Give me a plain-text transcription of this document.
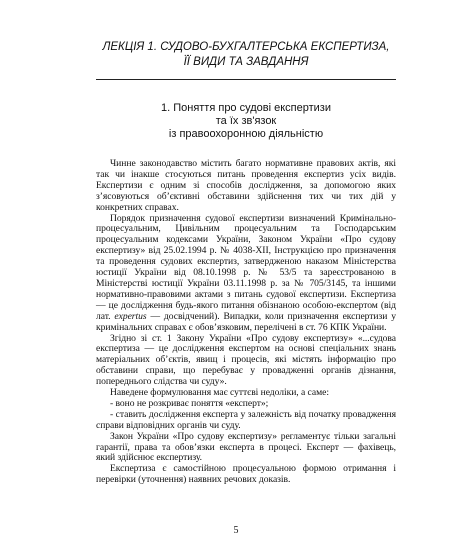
ЛЕКЦІЯ 1. СУДОВО-БУХГАЛТЕРСЬКА ЕКСПЕРТИЗА,
ЇЇ ВИДИ ТА ЗАВДАННЯ
1. Поняття про судові експертизи
та їх зв'язок
із правоохоронною діяльністю

Чинне законодавство містить багато нормативне правових актів, які так чи інакше стосуються питань проведення експертиз усіх видів. Експертизи є одним зі способів дослідження, за допомогою яких з’ясовуються об’єктивні обставини здійснення тих чи тих дій у конкретних справах.

Порядок призначення судової експертизи визначений Кримінально-процесуальним, Цивільним процесуальним та Господарським процесуальним кодексами України, Законом України «Про судову експертизу» від 25.02.1994 р. № 4038-XII, Інструкцією про призначення та проведення судових експертиз, затвердженою наказом Міністерства юстиції України від 08.10.1998 р. № 53/5 та зареєстрованою в Міністерстві юстиції України 03.11.1998 р. за № 705/3145, та іншими нормативно-правовими актами з питань судової експертизи. Експертиза — це дослідження будь-якого питання обізнаною особою-експертом (від лат. expertus — досвідчений). Випадки, коли призначення експертизи у кримінальних справах є обов’язковим, перелічені в ст. 76 КПК України.

Згідно зі ст. 1 Закону України «Про судову експертизу» «...судова експертиза — це дослідження експертом на основі спеціальних знань матеріальних об’єктів, явищ і процесів, які містять інформацію про обставини справи, що перебуває у провадженні органів дізнання, попереднього слідства чи суду».

Наведене формулювання має суттєві недоліки, а саме:

- воно не розкриває поняття «експерт»;

- ставить дослідження експерта у залежність від початку провадження справи відповідних органів чи суду.

Закон України «Про судову експертизу» регламентує тільки загальні гарантії, права та обов’язки експерта в процесі. Експерт — фахівець, який здійснює експертизу.

Експертиза є самостійною процесуальною формою отримання і перевірки (уточнення) наявних речових доказів.

5
